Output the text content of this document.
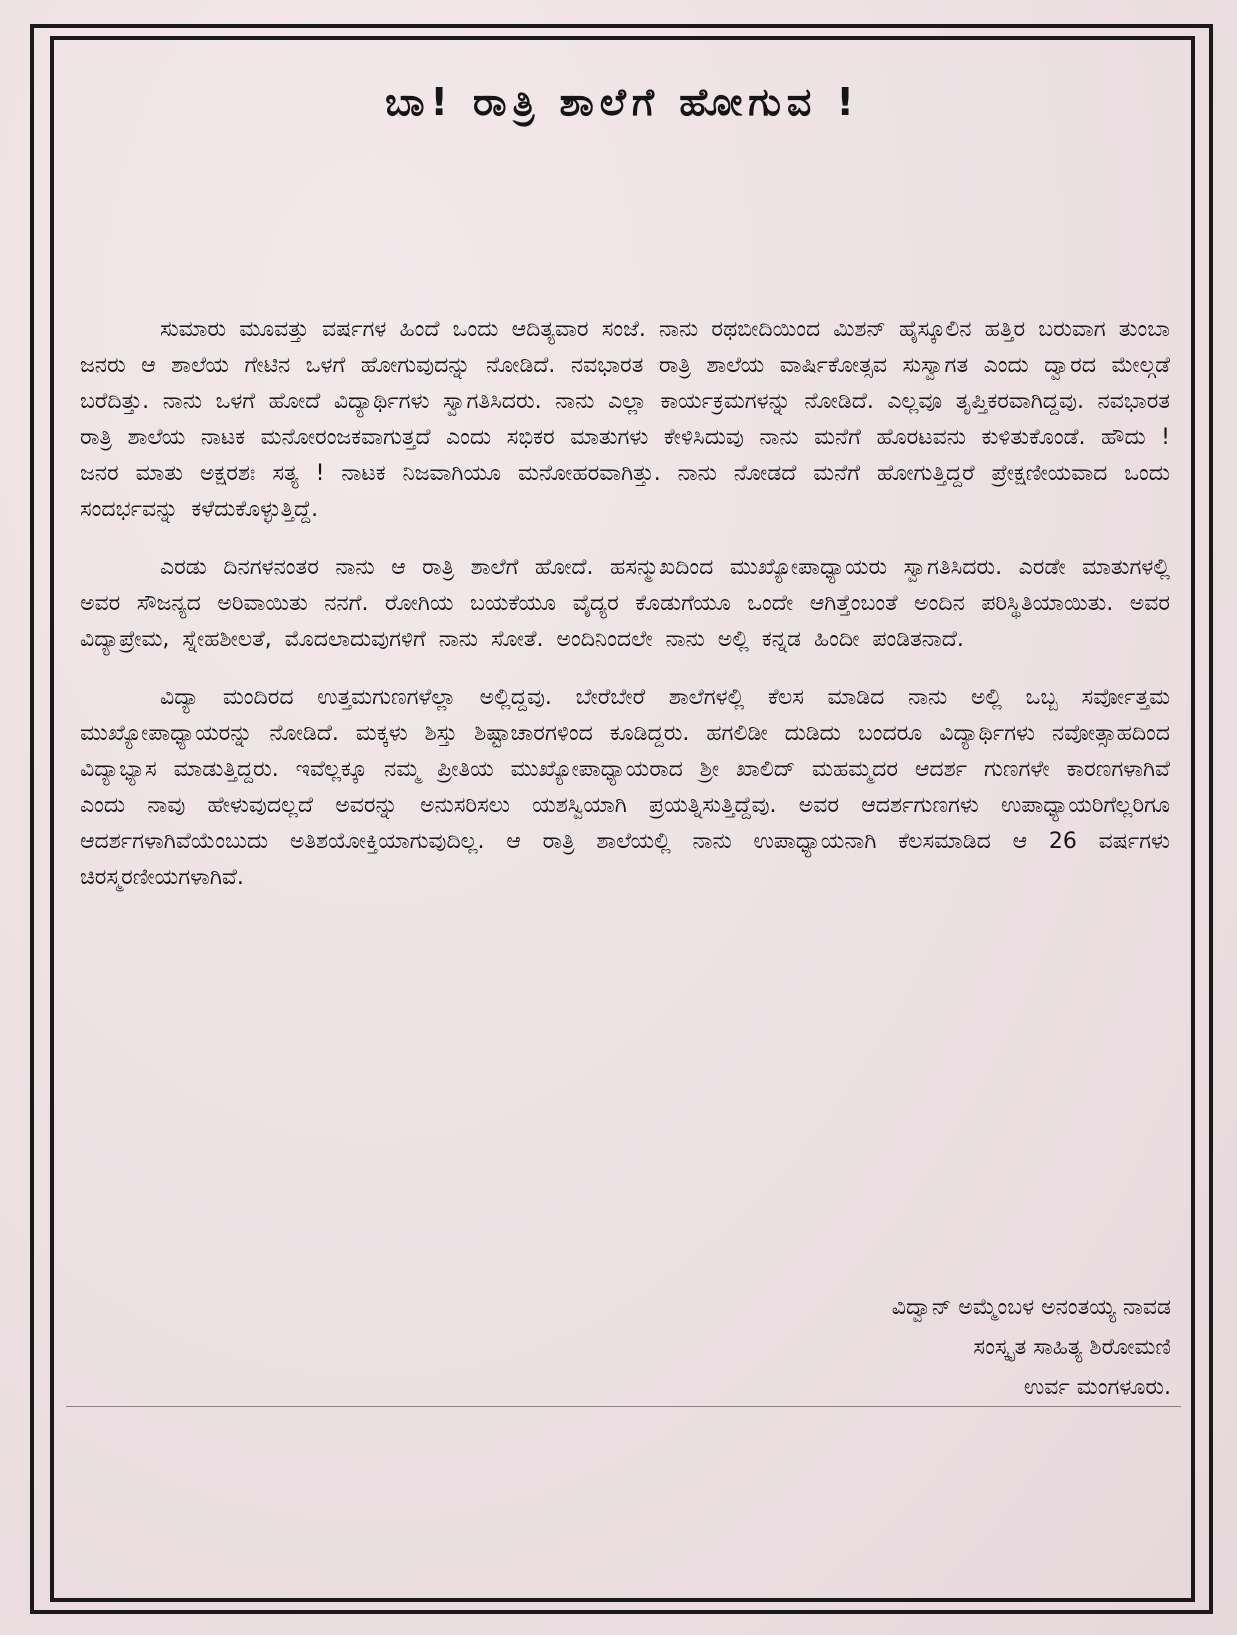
ಬಾ! ರಾತ್ರಿ ಶಾಲೆಗೆ ಹೋಗುವ !

ಸುಮಾರು ಮೂವತ್ತು ವರ್ಷಗಳ ಹಿಂದೆ ಒಂದು ಆದಿತ್ಯವಾರ ಸಂಜೆ. ನಾನು ರಥಬೀದಿಯಿಂದ ಮಿಶನ್ ಹೈಸ್ಕೂಲಿನ ಹತ್ತಿರ ಬರುವಾಗ ತುಂಬಾ ಜನರು ಆ ಶಾಲೆಯ ಗೇಟಿನ ಒಳಗೆ ಹೋಗುವುದನ್ನು ನೋಡಿದೆ. ನವಭಾರತ ರಾತ್ರಿ ಶಾಲೆಯ ವಾರ್ಷಿಕೋತ್ಸವ ಸುಸ್ವಾಗತ ಎಂದು ದ್ವಾರದ ಮೇಲ್ಗಡೆ ಬರೆದಿತ್ತು. ನಾನು ಒಳಗೆ ಹೋದೆ ವಿದ್ಯಾರ್ಥಿಗಳು ಸ್ವಾಗತಿಸಿದರು. ನಾನು ಎಲ್ಲಾ ಕಾರ್ಯಕ್ರಮಗಳನ್ನು ನೋಡಿದೆ. ಎಲ್ಲವೂ ತೃಪ್ತಿಕರವಾಗಿದ್ದವು. ನವಭಾರತ ರಾತ್ರಿ ಶಾಲೆಯ ನಾಟಕ ಮನೋರಂಜಕವಾಗುತ್ತದೆ ಎಂದು ಸಭಿಕರ ಮಾತುಗಳು ಕೇಳಿಸಿದುವು ನಾನು ಮನೆಗೆ ಹೊರಟವನು ಕುಳಿತುಕೊಂಡೆ. ಹೌದು ! ಜನರ ಮಾತು ಅಕ್ಷರಶಃ ಸತ್ಯ ! ನಾಟಕ ನಿಜವಾಗಿಯೂ ಮನೋಹರವಾಗಿತ್ತು. ನಾನು ನೋಡದೆ ಮನೆಗೆ ಹೋಗುತ್ತಿದ್ದರೆ ಪ್ರೇಕ್ಷಣೀಯವಾದ ಒಂದು ಸಂದರ್ಭವನ್ನು ಕಳೆದುಕೊಳ್ಳುತ್ತಿದ್ದೆ.

ಎರಡು ದಿನಗಳನಂತರ ನಾನು ಆ ರಾತ್ರಿ ಶಾಲೆಗೆ ಹೋದೆ. ಹಸನ್ಮುಖದಿಂದ ಮುಖ್ಯೋಪಾಧ್ಯಾಯರು ಸ್ವಾಗತಿಸಿದರು. ಎರಡೇ ಮಾತುಗಳಲ್ಲಿ ಅವರ ಸೌಜನ್ಯದ ಅರಿವಾಯಿತು ನನಗೆ. ರೋಗಿಯ ಬಯಕೆಯೂ ವೈದ್ಯರ ಕೊಡುಗೆಯೂ ಒಂದೇ ಆಗಿತ್ತೆಂಬಂತೆ ಅಂದಿನ ಪರಿಸ್ಥಿತಿಯಾಯಿತು. ಅವರ ವಿದ್ಯಾಪ್ರೇಮ, ಸ್ನೇಹಶೀಲತೆ, ಮೊದಲಾದುವುಗಳಿಗೆ ನಾನು ಸೋತೆ. ಅಂದಿನಿಂದಲೇ ನಾನು ಅಲ್ಲಿ ಕನ್ನಡ ಹಿಂದೀ ಪಂಡಿತನಾದೆ.

ವಿದ್ಯಾ ಮಂದಿರದ ಉತ್ತಮಗುಣಗಳೆಲ್ಲಾ ಅಲ್ಲಿದ್ದವು. ಬೇರೆಬೇರೆ ಶಾಲೆಗಳಲ್ಲಿ ಕೆಲಸ ಮಾಡಿದ ನಾನು ಅಲ್ಲಿ ಒಬ್ಬ ಸರ್ವೋತ್ತಮ ಮುಖ್ಯೋಪಾಧ್ಯಾಯರನ್ನು ನೋಡಿದೆ. ಮಕ್ಕಳು ಶಿಸ್ತು ಶಿಷ್ಟಾಚಾರಗಳಿಂದ ಕೂಡಿದ್ದರು. ಹಗಲಿಡೀ ದುಡಿದು ಬಂದರೂ ವಿದ್ಯಾರ್ಥಿಗಳು ನವೋತ್ಸಾಹದಿಂದ ವಿದ್ಯಾಭ್ಯಾಸ ಮಾಡುತ್ತಿದ್ದರು. ಇವೆಲ್ಲಕ್ಕೂ ನಮ್ಮ ಪ್ರೀತಿಯ ಮುಖ್ಯೋಪಾಧ್ಯಾಯರಾದ ಶ್ರೀ ಖಾಲಿದ್ ಮಹಮ್ಮದರ ಆದರ್ಶ ಗುಣಗಳೇ ಕಾರಣಗಳಾಗಿವೆ ಎಂದು ನಾವು ಹೇಳುವುದಲ್ಲದೆ ಅವರನ್ನು ಅನುಸರಿಸಲು ಯಶಸ್ವಿಯಾಗಿ ಪ್ರಯತ್ನಿಸುತ್ತಿದ್ದೆವು. ಅವರ ಆದರ್ಶಗುಣಗಳು ಉಪಾಧ್ಯಾಯರಿಗೆಲ್ಲರಿಗೂ ಆದರ್ಶಗಳಾಗಿವೆಯೆಂಬುದು ಅತಿಶಯೋಕ್ತಿಯಾಗುವುದಿಲ್ಲ. ಆ ರಾತ್ರಿ ಶಾಲೆಯಲ್ಲಿ ನಾನು ಉಪಾಧ್ಯಾಯನಾಗಿ ಕೆಲಸಮಾಡಿದ ಆ 26 ವರ್ಷಗಳು ಚಿರಸ್ಮರಣೀಯಗಳಾಗಿವೆ.

ವಿದ್ವಾನ್ ಅಮ್ಮೆಂಬಳ ಅನಂತಯ್ಯ ನಾವಡ
ಸಂಸ್ಕೃತ ಸಾಹಿತ್ಯ ಶಿರೋಮಣಿ
ಉರ್ವ ಮಂಗಳೂರು.
